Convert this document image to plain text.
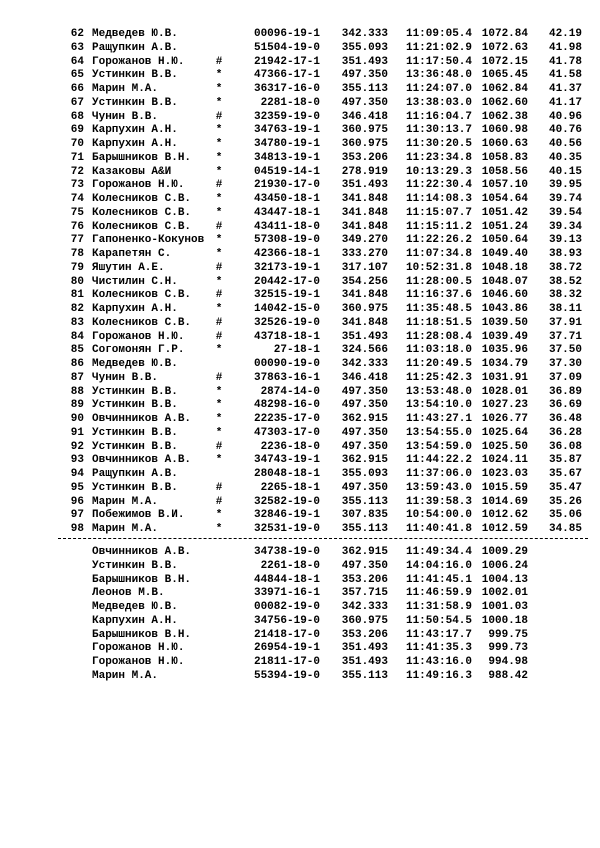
62 Медведев Ю.В.	00096-19-1	342.333	11:09:05.4 1072.84	42.19
63 Ращупкин А.В.	51504-19-0	355.093	11:21:02.9 1072.63	41.98
64 Горожанов Н.Ю.	#	21942-17-1	351.493	11:17:50.4 1072.15	41.78
65 Устинкин В.В.	*	47366-17-1	497.350	13:36:48.0 1065.45	41.58
66 Марин М.А.	*	36317-16-0	355.113	11:24:07.0 1062.84	41.37
67 Устинкин В.В.	*	2281-18-0	497.350	13:38:03.0 1062.60	41.17
68 Чунин В.В.	#	32359-19-0	346.418	11:16:04.7 1062.38	40.96
69 Карпухин А.Н.	*	34763-19-1	360.975	11:30:13.7 1060.98	40.76
70 Карпухин А.Н.	*	34780-19-1	360.975	11:30:20.5 1060.63	40.56
71 Барышников В.Н. *	34813-19-1	353.206	11:23:34.8 1058.83	40.35
72 Казаковы А&И	*	04519-14-1	278.919	10:13:29.3 1058.56	40.15
73 Горожанов Н.Ю.	#	21930-17-0	351.493	11:22:30.4 1057.10	39.95
74 Колесников С.В. *	43450-18-1	341.848	11:14:08.3 1054.64	39.74
75 Колесников С.В. *	43447-18-1	341.848	11:15:07.7 1051.42	39.54
76 Колесников С.В. #	43411-18-0	341.848	11:15:11.2 1051.24	39.34
77 Гапоненко-Кокунов *	57308-19-0	349.270	11:22:26.2 1050.64	39.13
78 Карапетян С.	*	42366-18-1	333.270	11:07:34.8 1049.40	38.93
79 Яшутин А.Е.	#	32173-19-1	317.107	10:52:31.8 1048.18	38.72
80 Чистилин С.Н.	*	20442-17-0	354.256	11:28:00.5 1048.07	38.52
81 Колесников С.В. #	32515-19-1	341.848	11:16:37.6 1046.60	38.32
82 Карпухин А.Н.	*	14042-15-0	360.975	11:35:48.5 1043.86	38.11
83 Колесников С.В. #	32526-19-0	341.848	11:18:51.5 1039.50	37.91
84 Горожанов Н.Ю.	#	43718-18-1	351.493	11:28:08.4 1039.49	37.71
85 Согомонян Г.Р.	*	27-18-1	324.566	11:03:18.0 1035.96	37.50
86 Медведев Ю.В.	00090-19-0	342.333	11:20:49.5 1034.79	37.30
87 Чунин В.В.	#	37863-16-1	346.418	11:25:42.3 1031.91	37.09
88 Устинкин В.В.	*	2874-14-0	497.350	13:53:48.0 1028.01	36.89
89 Устинкин В.В.	*	48298-16-0	497.350	13:54:10.0 1027.23	36.69
90 Овчинников А.В. *	22235-17-0	362.915	11:43:27.1 1026.77	36.48
91 Устинкин В.В.	*	47303-17-0	497.350	13:54:55.0 1025.64	36.28
92 Устинкин В.В.	#	2236-18-0	497.350	13:54:59.0 1025.50	36.08
93 Овчинников А.В. *	34743-19-1	362.915	11:44:22.2 1024.11	35.87
94 Ращупкин А.В.	28048-18-1	355.093	11:37:06.0 1023.03	35.67
95 Устинкин В.В.	#	2265-18-1	497.350	13:59:43.0 1015.59	35.47
96 Марин М.А.	#	32582-19-0	355.113	11:39:58.3 1014.69	35.26
97 Побежимов В.И.	*	32846-19-1	307.835	10:54:00.0 1012.62	35.06
98 Марин М.А.	*	32531-19-0	355.113	11:40:41.8 1012.59	34.85
Овчинников А.В.	34738-19-0	362.915	11:49:34.4 1009.29
Устинкин В.В.	2261-18-0	497.350	14:04:16.0 1006.24
Барышников В.Н.	44844-18-1	353.206	11:41:45.1 1004.13
Леонов М.В.	33971-16-1	357.715	11:46:59.9 1002.01
Медведев Ю.В.	00082-19-0	342.333	11:31:58.9 1001.03
Карпухин А.Н.	34756-19-0	360.975	11:50:54.5 1000.18
Барышников В.Н.	21418-17-0	353.206	11:43:17.7	999.75
Горожанов Н.Ю.	26954-19-1	351.493	11:41:35.3	999.73
Горожанов Н.Ю.	21811-17-0	351.493	11:43:16.0	994.98
Марин М.А.	55394-19-0	355.113	11:49:16.3	988.42
